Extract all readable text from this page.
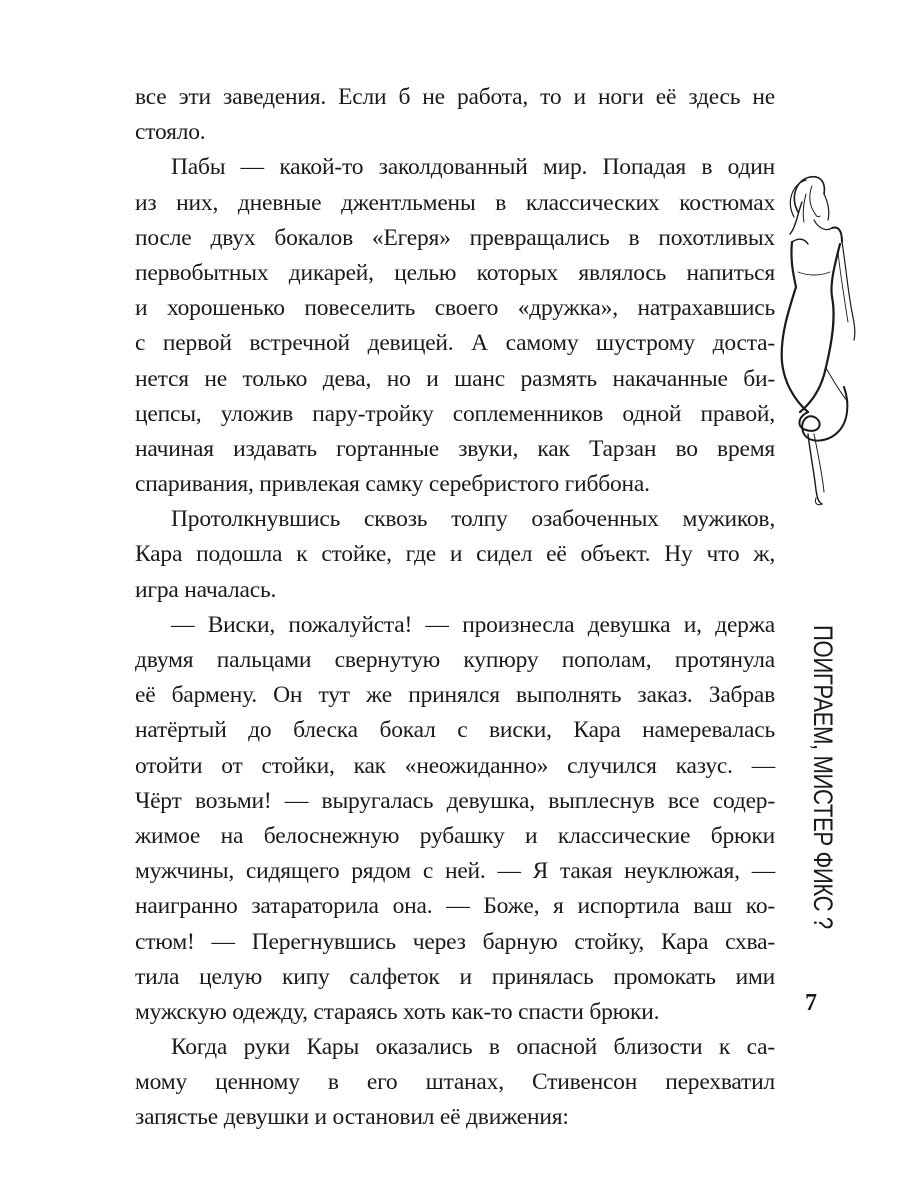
все эти заведения. Если б не работа, то и ноги её здесь не
стояло.
Пабы — какой-то заколдованный мир. Попадая в один
из них, дневные джентльмены в классических костюмах
после двух бокалов «Егеря» превращались в похотливых
первобытных дикарей, целью которых являлось напиться
и хорошенько повеселить своего «дружка», натрахавшись
с первой встречной девицей. А самому шустрому доста-
нется не только дева, но и шанс размять накачанные би-
цепсы, уложив пару-тройку соплеменников одной правой,
начиная издавать гортанные звуки, как Тарзан во время
спаривания, привлекая самку серебристого гиббона.
Протолкнувшись сквозь толпу озабоченных мужиков,
Кара подошла к стойке, где и сидел её объект. Ну что ж,
игра началась.
— Виски, пожалуйста! — произнесла девушка и, держа
двумя пальцами свернутую купюру пополам, протянула
её бармену. Он тут же принялся выполнять заказ. Забрав
натёртый до блеска бокал с виски, Кара намеревалась
отойти от стойки, как «неожиданно» случился казус. —
Чёрт возьми! — выругалась девушка, выплеснув все содер-
жимое на белоснежную рубашку и классические брюки
мужчины, сидящего рядом с ней. — Я такая неуклюжая, —
наигранно затараторила она. — Боже, я испортила ваш ко-
стюм! — Перегнувшись через барную стойку, Кара схва-
тила целую кипу салфеток и принялась промокать ими
мужскую одежду, стараясь хоть как-то спасти брюки.
Когда руки Кары оказались в опасной близости к са-
мому ценному в его штанах, Стивенсон перехватил
запястье девушки и остановил её движения:
ПОИГРАЕМ, МИСТЕР ФИКС ?
7
